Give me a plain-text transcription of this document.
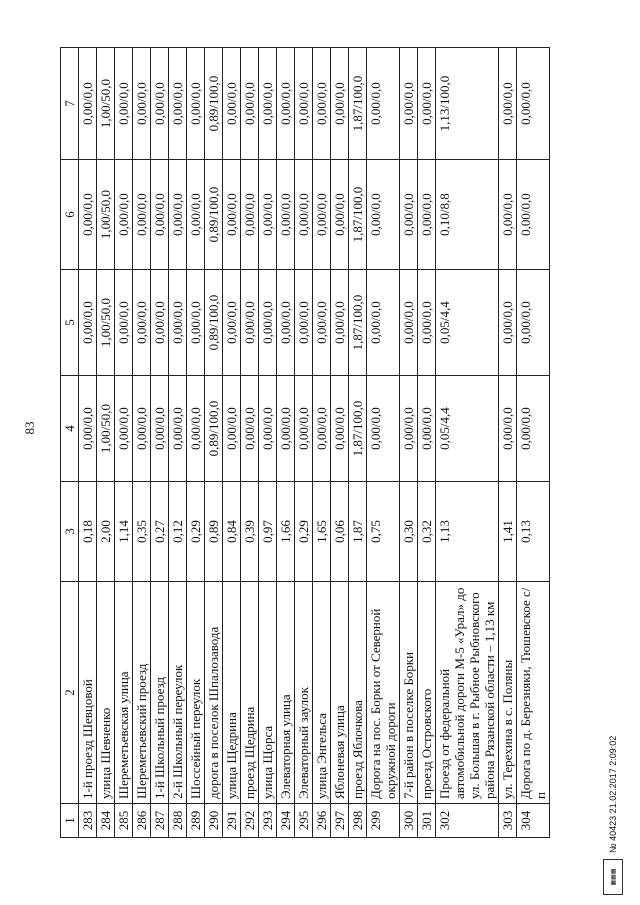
83
1	2	3	4	5	6	7
283	1-й проезд Шевцовой	0,18	0,00/0,0	0,00/0,0	0,00/0,0	0,00/0,0
284	улица Шевченко	2,00	1,00/50,0	1,00/50,0	1,00/50,0	1,00/50,0
285	Шереметьевская улица	1,14	0,00/0,0	0,00/0,0	0,00/0,0	0,00/0,0
286	Шереметьевский проезд	0,35	0,00/0,0	0,00/0,0	0,00/0,0	0,00/0,0
287	1-й Школьный проезд	0,27	0,00/0,0	0,00/0,0	0,00/0,0	0,00/0,0
288	2-й Школьный переулок	0,12	0,00/0,0	0,00/0,0	0,00/0,0	0,00/0,0
289	Шоссейный переулок	0,29	0,00/0,0	0,00/0,0	0,00/0,0	0,00/0,0
290	дорога в поселок Шпалозавода	0,89	0,89/100,0	0,89/100,0	0,89/100,0	0,89/100,0
291	улица Щедрина	0,84	0,00/0,0	0,00/0,0	0,00/0,0	0,00/0,0
292	проезд Щедрина	0,39	0,00/0,0	0,00/0,0	0,00/0,0	0,00/0,0
293	улица Щорса	0,97	0,00/0,0	0,00/0,0	0,00/0,0	0,00/0,0
294	Элеваторная улица	1,66	0,00/0,0	0,00/0,0	0,00/0,0	0,00/0,0
295	Элеваторный заулок	0,29	0,00/0,0	0,00/0,0	0,00/0,0	0,00/0,0
296	улица Энгельса	1,65	0,00/0,0	0,00/0,0	0,00/0,0	0,00/0,0
297	Яблоневая улица	0,06	0,00/0,0	0,00/0,0	0,00/0,0	0,00/0,0
298	проезд Яблочкова	1,87	1,87/100,0	1,87/100,0	1,87/100,0	1,87/100,0
299	Дорога на пос. Борки от Северной окружной дороги	0,75	0,00/0,0	0,00/0,0	0,00/0,0	0,00/0,0
300	7-й район в поселке Борки	0,30	0,00/0,0	0,00/0,0	0,00/0,0	0,00/0,0
301	проезд Островского	0,32	0,00/0,0	0,00/0,0	0,00/0,0	0,00/0,0
302	Проезд от федеральной автомобильной дороги М-5 «Урал» до ул. Большая в г. Рыбное Рыбновского района Рязанской области – 1,13 км	1,13	0,05/4,4	0,05/4,4	0,10/8,8	1,13/100,0
303	ул. Терехина в с. Поляны	1,41	0,00/0,0	0,00/0,0	0,00/0,0	0,00/0,0
304	Дорога по д. Березняки, Тюшевское с/п	0,13	0,00/0,0	0,00/0,0	0,00/0,0	0,00/0,0
▦▦▦
№ 40423 21.02.2017 2:09:02
